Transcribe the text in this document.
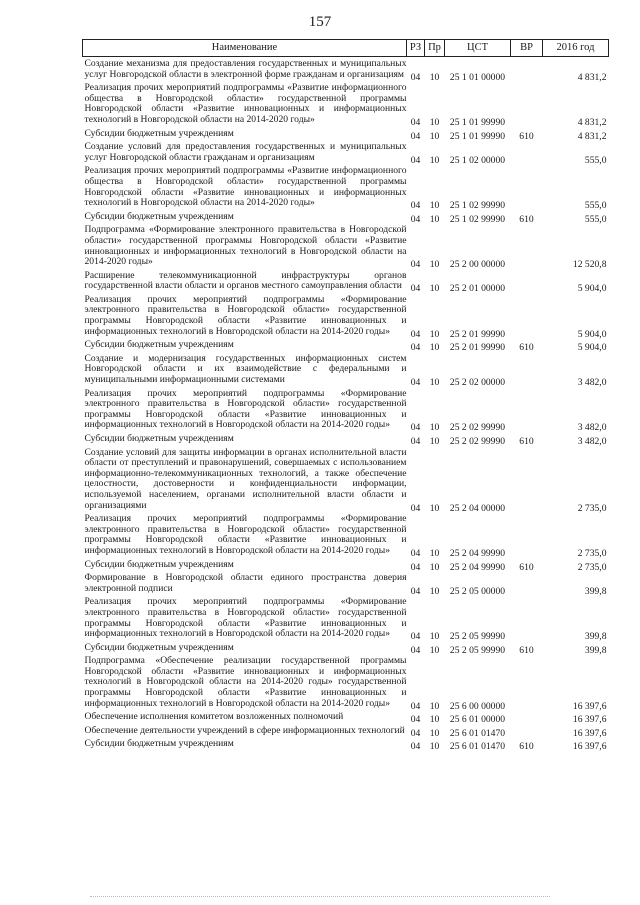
157
Наименование	РЗ	Пр	ЦСТ	ВР	2016 год
Создание механизма для предоставления государственных и муниципальных услуг Новгородской области в электронной форме гражданам и организациям	04	10	25 1 01 00000		4 831,2
Реализация прочих мероприятий подпрограммы «Развитие информационного общества в Новгородской области» государственной программы Новгородской области «Развитие инновационных и информационных технологий в Новгородской области на 2014-2020 годы»	04	10	25 1 01 99990		4 831,2
Субсидии бюджетным учреждениям	04	10	25 1 01 99990	610	4 831,2
Создание условий для предоставления государственных и муниципальных услуг Новгородской области гражданам и организациям	04	10	25 1 02 00000		555,0
Реализация прочих мероприятий подпрограммы «Развитие информационного общества в Новгородской области» государственной программы Новгородской области «Развитие инновационных и информационных технологий в Новгородской области на 2014-2020 годы»	04	10	25 1 02 99990		555,0
Субсидии бюджетным учреждениям	04	10	25 1 02 99990	610	555,0
Подпрограмма «Формирование электронного правительства в Новгородской области» государственной программы Новгородской области «Развитие инновационных и информационных технологий в Новгородской области на 2014-2020 годы»	04	10	25 2 00 00000		12 520,8
Расширение телекоммуникационной инфраструктуры органов государственной власти области и органов местного самоуправления области	04	10	25 2 01 00000		5 904,0
Реализация прочих мероприятий подпрограммы «Формирование электронного правительства в Новгородской области» государственной программы Новгородской области «Развитие инновационных и информационных технологий в Новгородской области на 2014-2020 годы»	04	10	25 2 01 99990		5 904,0
Субсидии бюджетным учреждениям	04	10	25 2 01 99990	610	5 904,0
Создание и модернизация государственных информационных систем Новгородской области и их взаимодействие с федеральными и муниципальными информационными системами	04	10	25 2 02 00000		3 482,0
Реализация прочих мероприятий подпрограммы «Формирование электронного правительства в Новгородской области» государственной программы Новгородской области «Развитие инновационных и информационных технологий в Новгородской области на 2014-2020 годы»	04	10	25 2 02 99990		3 482,0
Субсидии бюджетным учреждениям	04	10	25 2 02 99990	610	3 482,0
Создание условий для защиты информации в органах исполнительной власти области от преступлений и правонарушений, совершаемых с использованием информационно-телекоммуникационных технологий, а также обеспечение целостности, достоверности и конфиденциальности информации, используемой населением, органами исполнительной власти области и организациями	04	10	25 2 04 00000		2 735,0
Реализация прочих мероприятий подпрограммы «Формирование электронного правительства в Новгородской области» государственной программы Новгородской области «Развитие инновационных и информационных технологий в Новгородской области на 2014-2020 годы»	04	10	25 2 04 99990		2 735,0
Субсидии бюджетным учреждениям	04	10	25 2 04 99990	610	2 735,0
Формирование в Новгородской области единого пространства доверия электронной подписи	04	10	25 2 05 00000		399,8
Реализация прочих мероприятий подпрограммы «Формирование электронного правительства в Новгородской области» государственной программы Новгородской области «Развитие инновационных и информационных технологий в Новгородской области на 2014-2020 годы»	04	10	25 2 05 99990		399,8
Субсидии бюджетным учреждениям	04	10	25 2 05 99990	610	399,8
Подпрограмма «Обеспечение реализации государственной программы Новгородской области «Развитие инновационных и информационных технологий в Новгородской области на 2014-2020 годы» государственной программы Новгородской области «Развитие инновационных и информационных технологий в Новгородской области на 2014-2020 годы»	04	10	25 6 00 00000		16 397,6
Обеспечение исполнения комитетом возложенных полномочий	04	10	25 6 01 00000		16 397,6
Обеспечение деятельности учреждений в сфере информационных технологий	04	10	25 6 01 01470		16 397,6
Субсидии бюджетным учреждениям	04	10	25 6 01 01470	610	16 397,6
